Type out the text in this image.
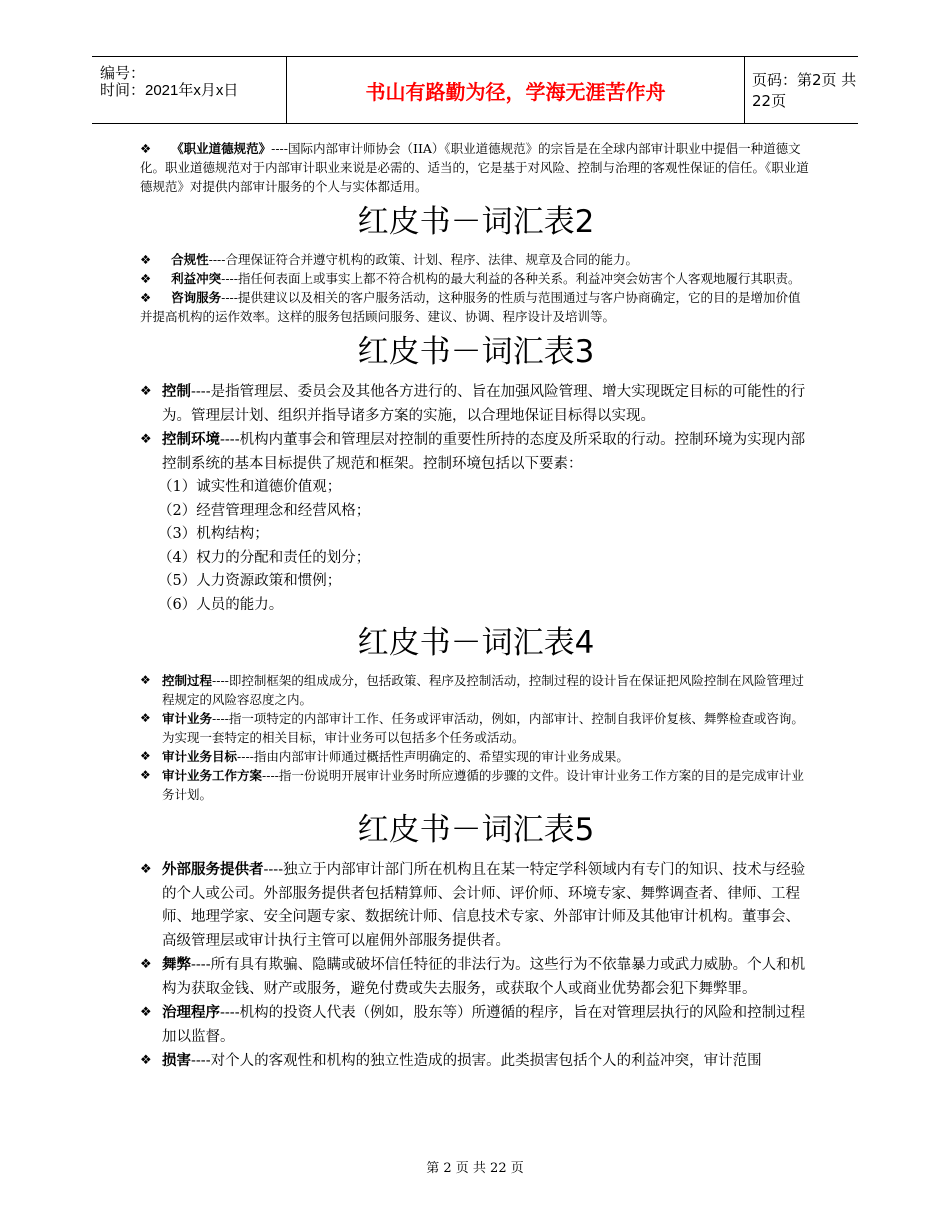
编号：
时间：2021年x月x日	书山有路勤为径，学海无涯苦作舟	页码：第2页 共22页

❖ 《职业道德规范》----国际内部审计师协会（IIA）《职业道德规范》的宗旨是在全球内部审计职业中提倡一种道德文化。职业道德规范对于内部审计职业来说是必需的、适当的，它是基于对风险、控制与治理的客观性保证的信任。《职业道德规范》对提供内部审计服务的个人与实体都适用。

红皮书－词汇表2

❖ 合规性----合理保证符合并遵守机构的政策、计划、程序、法律、规章及合同的能力。

❖ 利益冲突----指任何表面上或事实上都不符合机构的最大利益的各种关系。利益冲突会妨害个人客观地履行其职责。

❖ 咨询服务----提供建议以及相关的客户服务活动，这种服务的性质与范围通过与客户协商确定，它的目的是增加价值并提高机构的运作效率。这样的服务包括顾问服务、建议、协调、程序设计及培训等。

红皮书－词汇表3
❖ 控制----是指管理层、委员会及其他各方进行的、旨在加强风险管理、增大实现既定目标的可能性的行为。管理层计划、组织并指导诸多方案的实施，以合理地保证目标得以实现。
❖ 控制环境----机构内董事会和管理层对控制的重要性所持的态度及所采取的行动。控制环境为实现内部控制系统的基本目标提供了规范和框架。控制环境包括以下要素：
（1）诚实性和道德价值观；
（2）经营管理理念和经营风格；
（3）机构结构；
（4）权力的分配和责任的划分；
（5）人力资源政策和惯例；
（6）人员的能力。
红皮书－词汇表4
❖ 控制过程----即控制框架的组成成分，包括政策、程序及控制活动，控制过程的设计旨在保证把风险控制在风险管理过程规定的风险容忍度之内。
❖ 审计业务----指一项特定的内部审计工作、任务或评审活动，例如，内部审计、控制自我评价复核、舞弊检查或咨询。为实现一套特定的相关目标，审计业务可以包括多个任务或活动。
❖ 审计业务目标----指由内部审计师通过概括性声明确定的、希望实现的审计业务成果。
❖ 审计业务工作方案----指一份说明开展审计业务时所应遵循的步骤的文件。设计审计业务工作方案的目的是完成审计业务计划。
红皮书－词汇表5
❖ 外部服务提供者----独立于内部审计部门所在机构且在某一特定学科领域内有专门的知识、技术与经验的个人或公司。外部服务提供者包括精算师、会计师、评价师、环境专家、舞弊调查者、律师、工程师、地理学家、安全问题专家、数据统计师、信息技术专家、外部审计师及其他审计机构。董事会、高级管理层或审计执行主管可以雇佣外部服务提供者。
❖ 舞弊----所有具有欺骗、隐瞒或破坏信任特征的非法行为。这些行为不依靠暴力或武力威胁。个人和机构为获取金钱、财产或服务，避免付费或失去服务，或获取个人或商业优势都会犯下舞弊罪。
❖ 治理程序----机构的投资人代表（例如，股东等）所遵循的程序，旨在对管理层执行的风险和控制过程加以监督。
❖ 损害----对个人的客观性和机构的独立性造成的损害。此类损害包括个人的利益冲突，审计范围
第 2 页 共 22 页
